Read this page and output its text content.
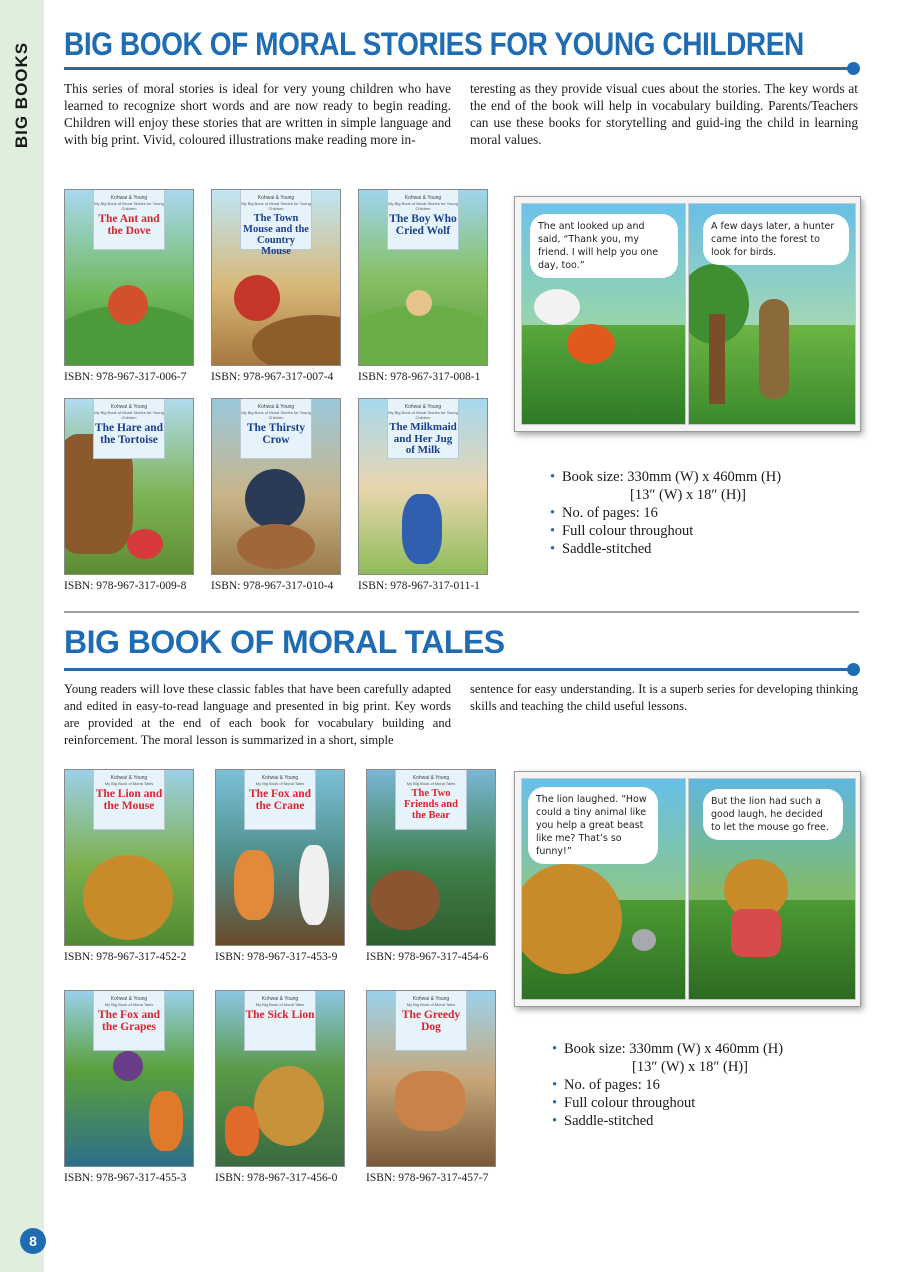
BIG BOOKS
8
BIG BOOK OF MORAL STORIES FOR YOUNG CHILDREN

This series of moral stories is ideal for very young children who have learned to recognize short words and are now ready to begin reading. Children will enjoy these stories that are written in simple language and with big print. Vivid, coloured illustrations make reading more in-

teresting as they provide visual cues about the stories. The key words at the end of the book will help in vocabulary building. Parents/Teachers can use these books for storytelling and guid-ing the child in learning moral values.

Kohwai & Young
My Big Book of Moral Stories for Young Children
The Ant and the Dove
ISBN: 978-967-317-006-7
Kohwai & Young
My Big Book of Moral Stories for Young Children
The Town Mouse and the Country Mouse
ISBN: 978-967-317-007-4
Kohwai & Young
My Big Book of Moral Stories for Young Children
The Boy Who Cried Wolf
ISBN: 978-967-317-008-1
Kohwai & Young
My Big Book of Moral Stories for Young Children
The Hare and the Tortoise
ISBN: 978-967-317-009-8
Kohwai & Young
My Big Book of Moral Stories for Young Children
The Thirsty Crow
ISBN: 978-967-317-010-4
Kohwai & Young
My Big Book of Moral Stories for Young Children
The Milkmaid and Her Jug of Milk
ISBN: 978-967-317-011-1
The ant looked up and said, “Thank you, my friend. I will help you one day, too.”
A few days later, a hunter came into the forest to look for birds.
• Book size: 330mm (W) x 460mm (H)
[13″ (W) x 18″ (H)]
• No. of pages: 16
• Full colour throughout
• Saddle-stitched
BIG BOOK OF MORAL TALES

Young readers will love these classic fables that have been carefully adapted and edited in easy-to-read language and presented in big print. Key words are provided at the end of each book for vocabulary building and reinforcement. The moral lesson is summarized in a short, simple

sentence for easy understanding. It is a superb series for developing thinking skills and teaching the child useful lessons.

Kohwai & Young
My Big Book of Moral Tales
The Lion and the Mouse
ISBN: 978-967-317-452-2
Kohwai & Young
My Big Book of Moral Tales
The Fox and the Crane
ISBN: 978-967-317-453-9
Kohwai & Young
My Big Book of Moral Tales
The Two Friends and the Bear
ISBN: 978-967-317-454-6
Kohwai & Young
My Big Book of Moral Tales
The Fox and the Grapes
ISBN: 978-967-317-455-3
Kohwai & Young
My Big Book of Moral Tales
The Sick Lion
ISBN: 978-967-317-456-0
Kohwai & Young
My Big Book of Moral Tales
The Greedy Dog
ISBN: 978-967-317-457-7
The lion laughed. “How could a tiny animal like you help a great beast like me? That’s so funny!”
But the lion had such a good laugh, he decided to let the mouse go free.
• Book size: 330mm (W) x 460mm (H)
[13″ (W) x 18″ (H)]
• No. of pages: 16
• Full colour throughout
• Saddle-stitched
